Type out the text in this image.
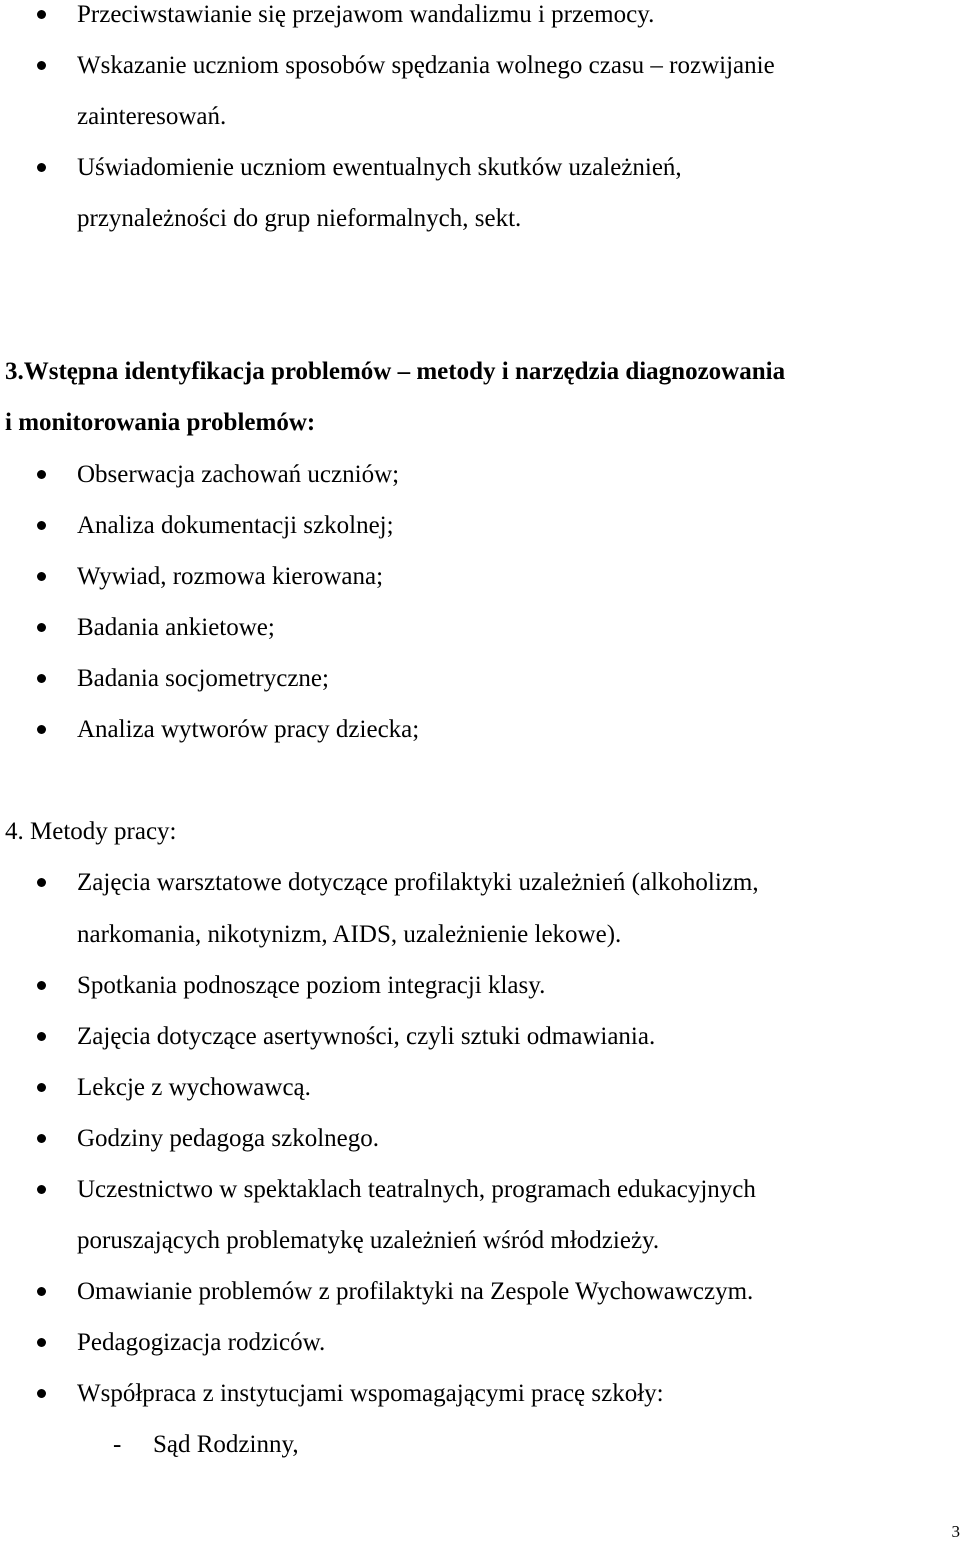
Przeciwstawianie się przejawom wandalizmu i przemocy.
Wskazanie uczniom sposobów spędzania wolnego czasu – rozwijanie
zainteresowań.
Uświadomienie uczniom ewentualnych skutków uzależnień,
przynależności do grup nieformalnych, sekt.
3.Wstępna identyfikacja problemów – metody i narzędzia diagnozowania
i monitorowania problemów:
Obserwacja zachowań uczniów;
Analiza dokumentacji szkolnej;
Wywiad, rozmowa kierowana;
Badania ankietowe;
Badania socjometryczne;
Analiza wytworów pracy dziecka;
4. Metody pracy:
Zajęcia warsztatowe dotyczące profilaktyki uzależnień (alkoholizm,
narkomania, nikotynizm, AIDS, uzależnienie lekowe).
Spotkania podnoszące poziom integracji klasy.
Zajęcia dotyczące asertywności, czyli sztuki odmawiania.
Lekcje z wychowawcą.
Godziny pedagoga szkolnego.
Uczestnictwo w spektaklach teatralnych, programach edukacyjnych
poruszających problematykę uzależnień wśród młodzieży.
Omawianie problemów z profilaktyki na Zespole Wychowawczym.
Pedagogizacja rodziców.
Współpraca z instytucjami wspomagającymi pracę szkoły:
- Sąd Rodzinny,
3
